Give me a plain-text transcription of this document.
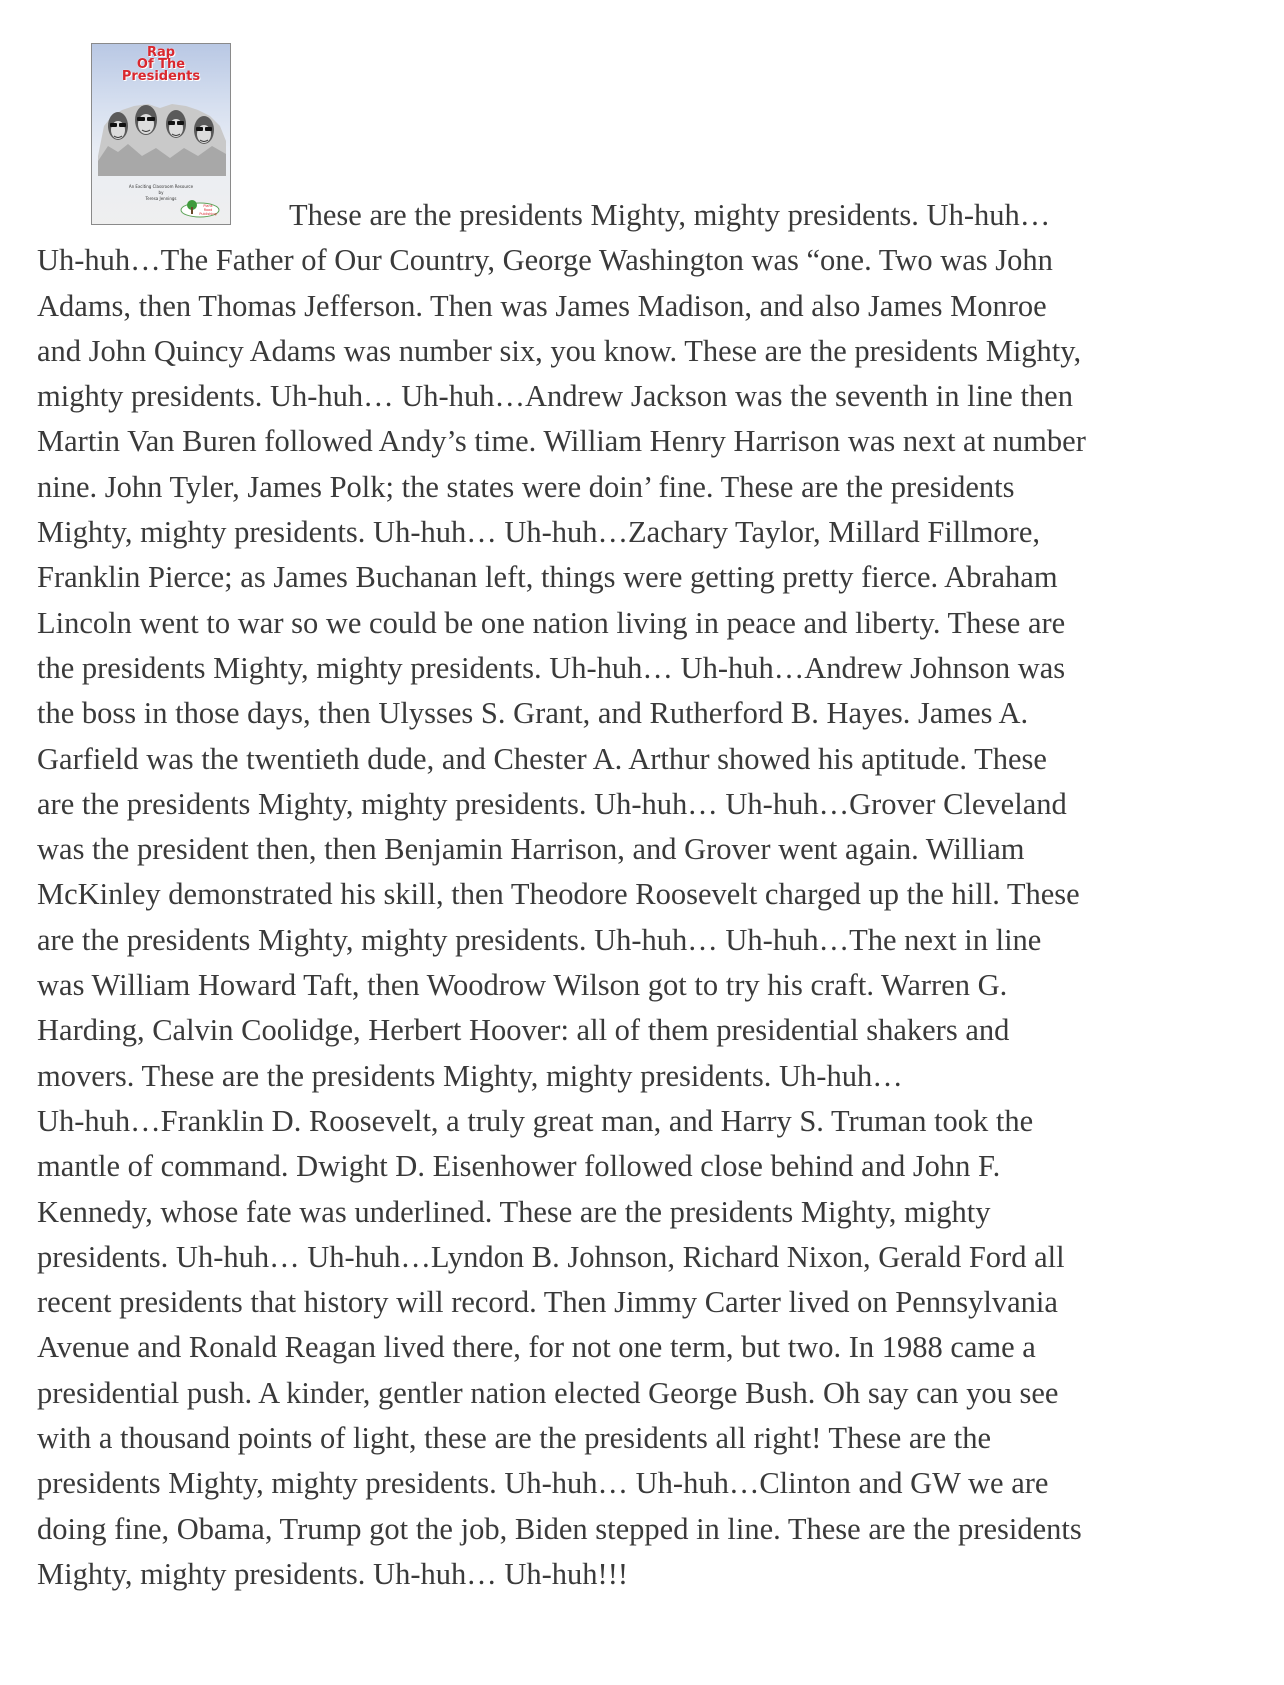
Rap
Of The
Presidents
An Exciting Classroom Resource
by
Teresa Jennings
Plank
Road
Publishing	These are the presidents Mighty, mighty presidents. Uh-huh…
Uh-huh…The Father of Our Country, George Washington was “one. Two was John
Adams, then Thomas Jefferson. Then was James Madison, and also James Monroe
and John Quincy Adams was number six, you know. These are the presidents Mighty,
mighty presidents. Uh-huh… Uh-huh…Andrew Jackson was the seventh in line then
Martin Van Buren followed Andy’s time. William Henry Harrison was next at number
nine. John Tyler, James Polk; the states were doin’ fine. These are the presidents
Mighty, mighty presidents. Uh-huh… Uh-huh…Zachary Taylor, Millard Fillmore,
Franklin Pierce; as James Buchanan left, things were getting pretty fierce. Abraham
Lincoln went to war so we could be one nation living in peace and liberty. These are
the presidents Mighty, mighty presidents. Uh-huh… Uh-huh…Andrew Johnson was
the boss in those days, then Ulysses S. Grant, and Rutherford B. Hayes. James A.
Garfield was the twentieth dude, and Chester A. Arthur showed his aptitude. These
are the presidents Mighty, mighty presidents. Uh-huh… Uh-huh…Grover Cleveland
was the president then, then Benjamin Harrison, and Grover went again. William
McKinley demonstrated his skill, then Theodore Roosevelt charged up the hill. These
are the presidents Mighty, mighty presidents. Uh-huh… Uh-huh…The next in line
was William Howard Taft, then Woodrow Wilson got to try his craft. Warren G.
Harding, Calvin Coolidge, Herbert Hoover: all of them presidential shakers and
movers. These are the presidents Mighty, mighty presidents. Uh-huh…
Uh-huh…Franklin D. Roosevelt, a truly great man, and Harry S. Truman took the
mantle of command. Dwight D. Eisenhower followed close behind and John F.
Kennedy, whose fate was underlined. These are the presidents Mighty, mighty
presidents. Uh-huh… Uh-huh…Lyndon B. Johnson, Richard Nixon, Gerald Ford all
recent presidents that history will record. Then Jimmy Carter lived on Pennsylvania
Avenue and Ronald Reagan lived there, for not one term, but two. In 1988 came a
presidential push. A kinder, gentler nation elected George Bush. Oh say can you see
with a thousand points of light, these are the presidents all right! These are the
presidents Mighty, mighty presidents. Uh-huh… Uh-huh…Clinton and GW we are
doing fine, Obama, Trump got the job, Biden stepped in line. These are the presidents
Mighty, mighty presidents. Uh-huh… Uh-huh!!!
